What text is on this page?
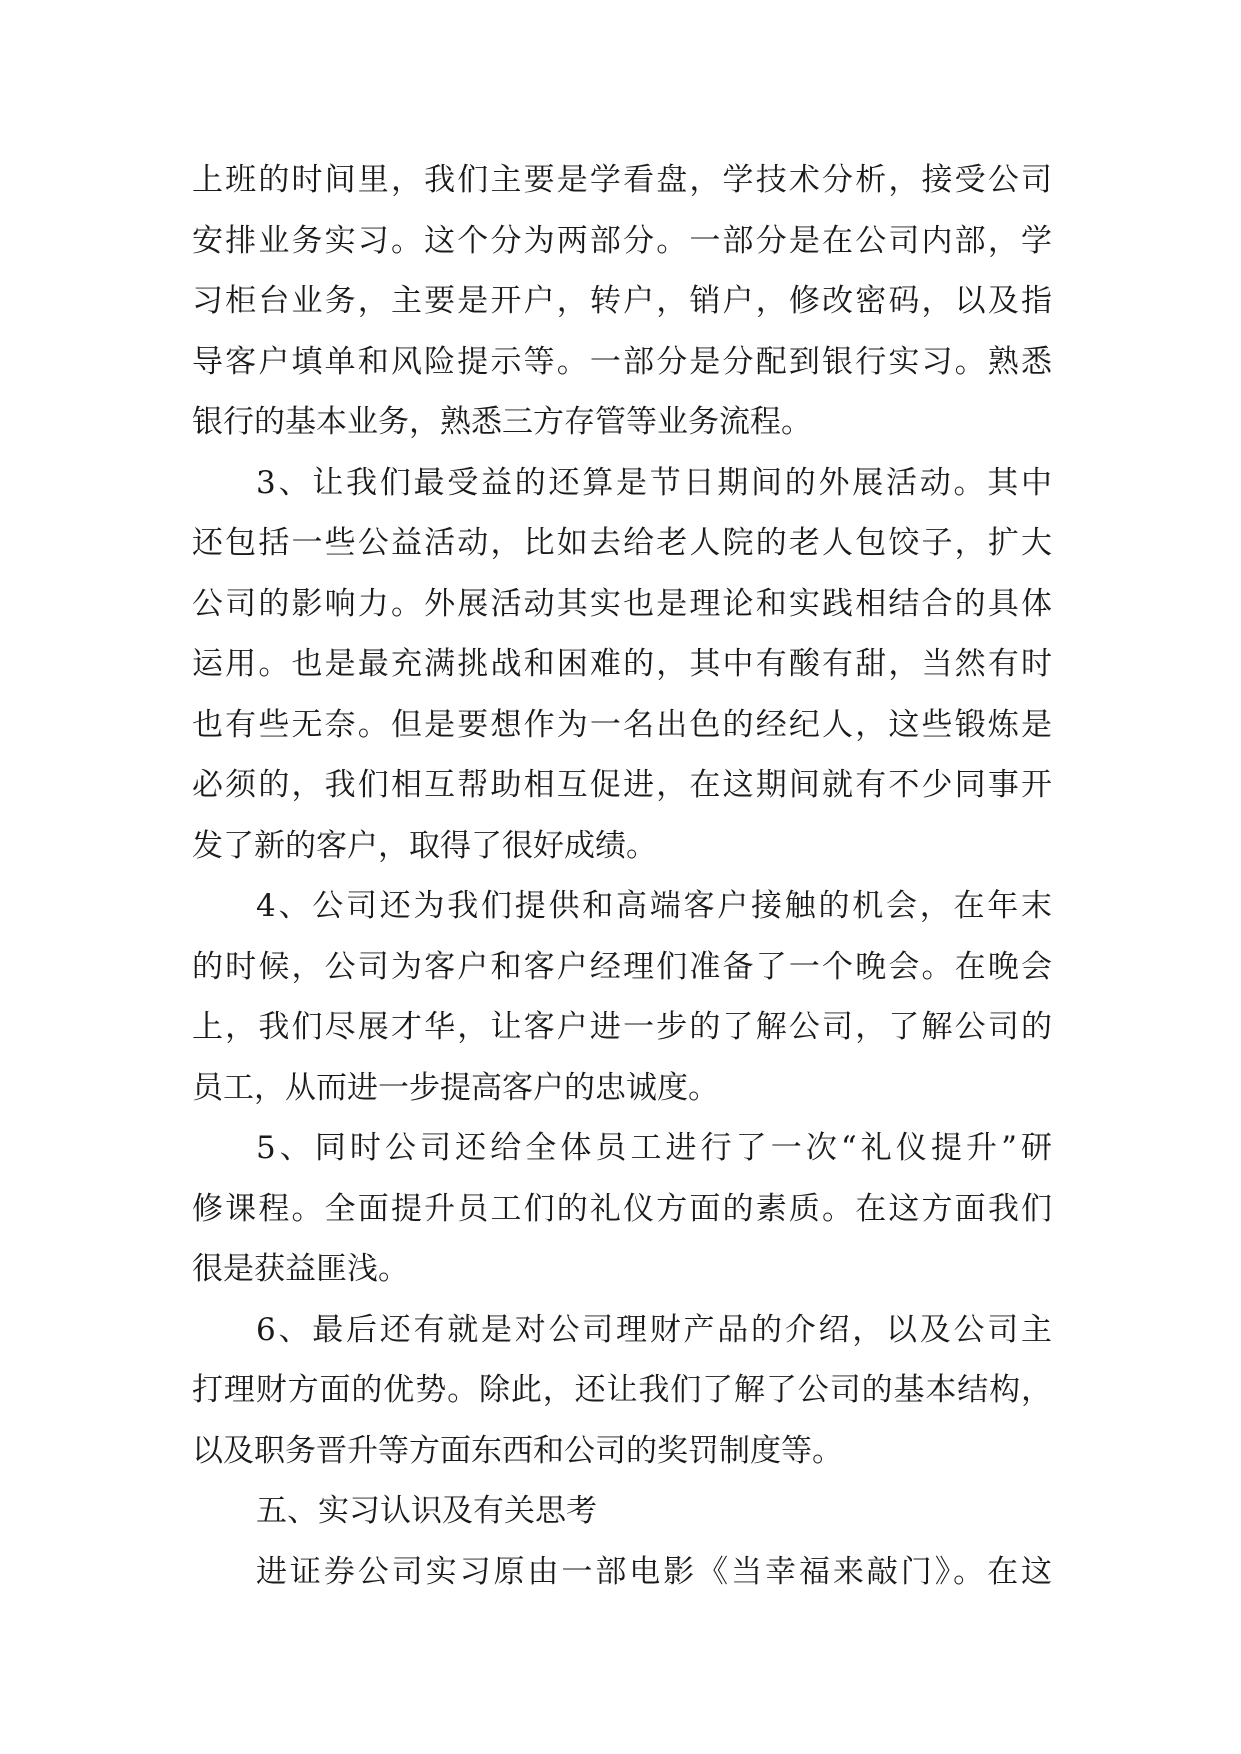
上班的时间里，我们主要是学看盘，学技术分析，接受公司
安排业务实习。这个分为两部分。一部分是在公司内部，学
习柜台业务，主要是开户，转户，销户，修改密码，以及指
导客户填单和风险提示等。一部分是分配到银行实习。熟悉
银行的基本业务，熟悉三方存管等业务流程。
3、让我们最受益的还算是节日期间的外展活动。其中
还包括一些公益活动，比如去给老人院的老人包饺子，扩大
公司的影响力。外展活动其实也是理论和实践相结合的具体
运用。也是最充满挑战和困难的，其中有酸有甜，当然有时
也有些无奈。但是要想作为一名出色的经纪人，这些锻炼是
必须的，我们相互帮助相互促进，在这期间就有不少同事开
发了新的客户，取得了很好成绩。
4、公司还为我们提供和高端客户接触的机会，在年末
的时候，公司为客户和客户经理们准备了一个晚会。在晚会
上，我们尽展才华，让客户进一步的了解公司，了解公司的
员工，从而进一步提高客户的忠诚度。
5、同时公司还给全体员工进行了一次“礼仪提升”研
修课程。全面提升员工们的礼仪方面的素质。在这方面我们
很是获益匪浅。
6、最后还有就是对公司理财产品的介绍，以及公司主
打理财方面的优势。除此，还让我们了解了公司的基本结构，
以及职务晋升等方面东西和公司的奖罚制度等。
五、实习认识及有关思考
进证券公司实习原由一部电影《当幸福来敲门》。在这
